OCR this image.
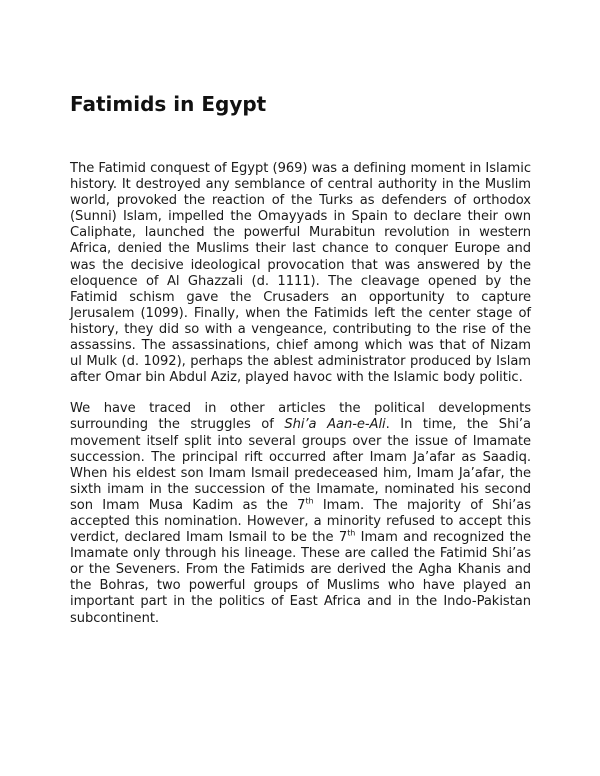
Fatimids in Egypt

The Fatimid conquest of Egypt (969) was a defining moment in Islamic history. It destroyed any semblance of central authority in the Muslim world, provoked the reaction of the Turks as defenders of orthodox (Sunni) Islam, impelled the Omayyads in Spain to declare their own Caliphate, launched the powerful Murabitun revolution in western Africa, denied the Muslims their last chance to conquer Europe and was the decisive ideological provocation that was answered by the eloquence of Al Ghazzali (d. 1111). The cleavage opened by the Fatimid schism gave the Crusaders an opportunity to capture Jerusalem (1099). Finally, when the Fatimids left the center stage of history, they did so with a vengeance, contributing to the rise of the assassins. The assassinations, chief among which was that of Nizam ul Mulk (d. 1092), perhaps the ablest administrator produced by Islam after Omar bin Abdul Aziz, played havoc with the Islamic body politic.

We have traced in other articles the political developments surrounding the struggles of Shi’a Aan-e-Ali. In time, the Shi’a movement itself split into several groups over the issue of Imamate succession. The principal rift occurred after Imam Ja’afar as Saadiq. When his eldest son Imam Ismail predeceased him, Imam Ja’afar, the sixth imam in the succession of the Imamate, nominated his second son Imam Musa Kadim as the 7th Imam. The majority of Shi’as accepted this nomination. However, a minority refused to accept this verdict, declared Imam Ismail to be the 7th Imam and recognized the Imamate only through his lineage. These are called the Fatimid Shi’as or the Seveners. From the Fatimids are derived the Agha Khanis and the Bohras, two powerful groups of Muslims who have played an important part in the politics of East Africa and in the Indo-Pakistan subcontinent.
